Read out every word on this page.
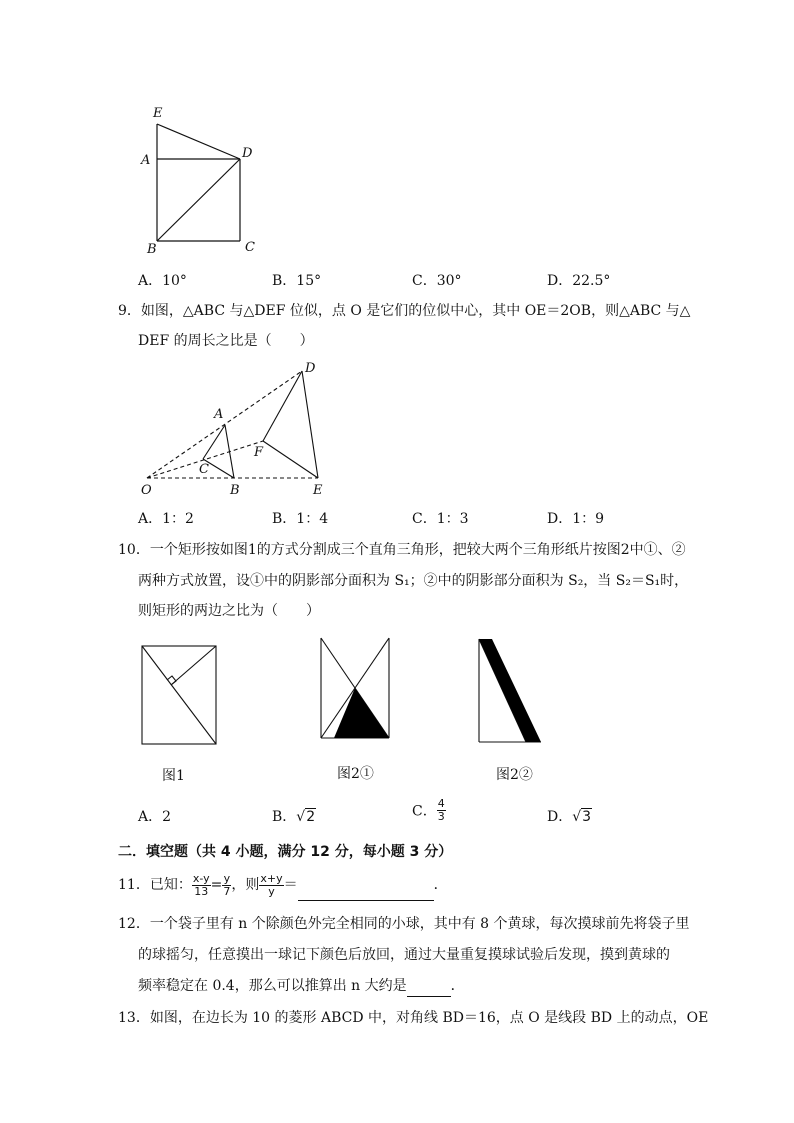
E
A	D
B	C
A．10°	B．15°	C．30°	D．22.5°
9．如图，△ABC 与△DEF 位似，点 O 是它们的位似中心，其中 OE＝2OB，则△ABC 与△
DEF 的周长之比是（　　）
D
A
F
C
O	B	E
A．1：2	B．1：4	C．1：3	D．1：9
10．一个矩形按如图1的方式分割成三个直角三角形，把较大两个三角形纸片按图2中①、②
两种方式放置，设①中的阴影部分面积为 S₁；②中的阴影部分面积为 S₂，当 S₂＝S₁时，
则矩形的两边之比为（　　）
图1	图2①	图2②
A．2	B．√2	C． $\frac{4}{3}$	D．√3
二．填空题（共 4 小题，满分 12 分，每小题 3 分）
11．已知： $\frac{x-y}{13} = \frac{y}{7}$ ，则 $\frac{x+y}{y}$ ＝	．
12．一个袋子里有 n 个除颜色外完全相同的小球，其中有 8 个黄球，每次摸球前先将袋子里
的球摇匀，任意摸出一球记下颜色后放回，通过大量重复摸球试验后发现，摸到黄球的
频率稳定在 0.4，那么可以推算出 n 大约是	．
13．如图，在边长为 10 的菱形 ABCD 中，对角线 BD＝16，点 O 是线段 BD 上的动点，OE
